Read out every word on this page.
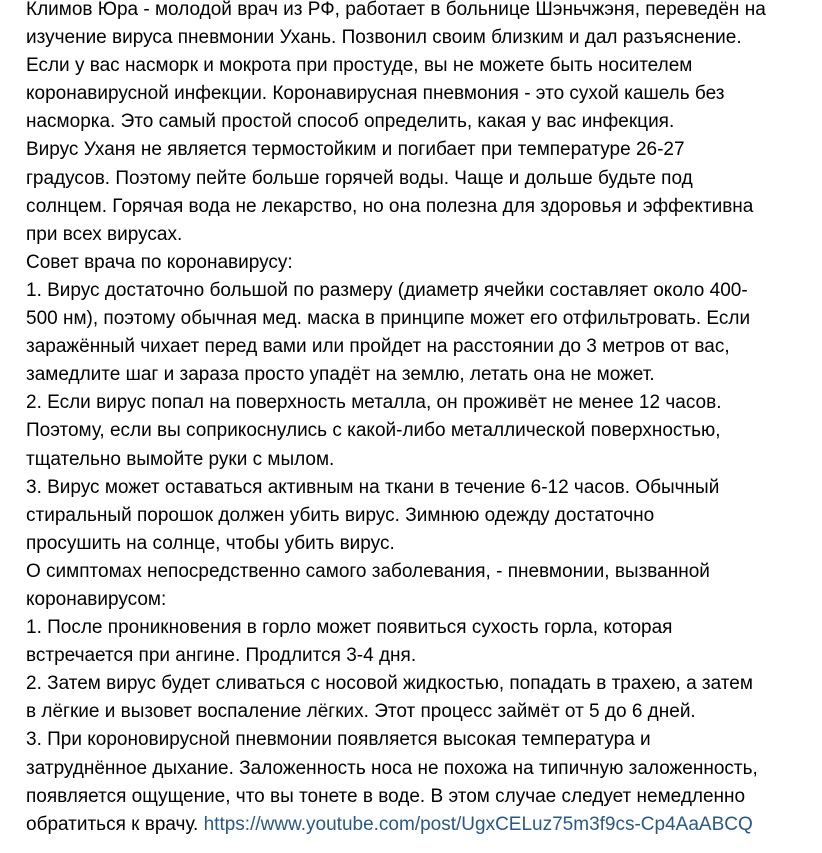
Климов Юра - молодой врач из РФ, работает в больнице Шэньчжэня, переведён на
изучение вируса пневмонии Ухань. Позвонил своим близким и дал разъяснение.
Если у вас насморк и мокрота при простуде, вы не можете быть носителем
коронавирусной инфекции. Коронавирусная пневмония - это сухой кашель без
насморка. Это самый простой способ определить, какая у вас инфекция.
Вирус Уханя не является термостойким и погибает при температуре 26-27
градусов. Поэтому пейте больше горячей воды. Чаще и дольше будьте под
солнцем. Горячая вода не лекарство, но она полезна для здоровья и эффективна
при всех вирусах.
Совет врача по коронавирусу:
1. Вирус достаточно большой по размеру (диаметр ячейки составляет около 400-
500 нм), поэтому обычная мед. маска в принципе может его отфильтровать. Если
заражённый чихает перед вами или пройдет на расстоянии до 3 метров от вас,
замедлите шаг и зараза просто упадёт на землю, летать она не может.
2. Если вирус попал на поверхность металла, он проживёт не менее 12 часов.
Поэтому, если вы соприкоснулись с какой-либо металлической поверхностью,
тщательно вымойте руки с мылом.
3. Вирус может оставаться активным на ткани в течение 6-12 часов. Обычный
стиральный порошок должен убить вирус. Зимнюю одежду достаточно
просушить на солнце, чтобы убить вирус.
О симптомах непосредственно самого заболевания, - пневмонии, вызванной
коронавирусом:
1. После проникновения в горло может появиться сухость горла, которая
встречается при ангине. Продлится 3-4 дня.
2. Затем вирус будет сливаться с носовой жидкостью, попадать в трахею, а затем
в лёгкие и вызовет воспаление лёгких. Этот процесс займёт от 5 до 6 дней.
3. При короновирусной пневмонии появляется высокая температура и
затруднённое дыхание. Заложенность носа не похожа на типичную заложенность,
появляется ощущение, что вы тонете в воде. В этом случае следует немедленно
обратиться к врачу. https://www.youtube.com/post/UgxCELuz75m3f9cs-Cp4AaABCQ
